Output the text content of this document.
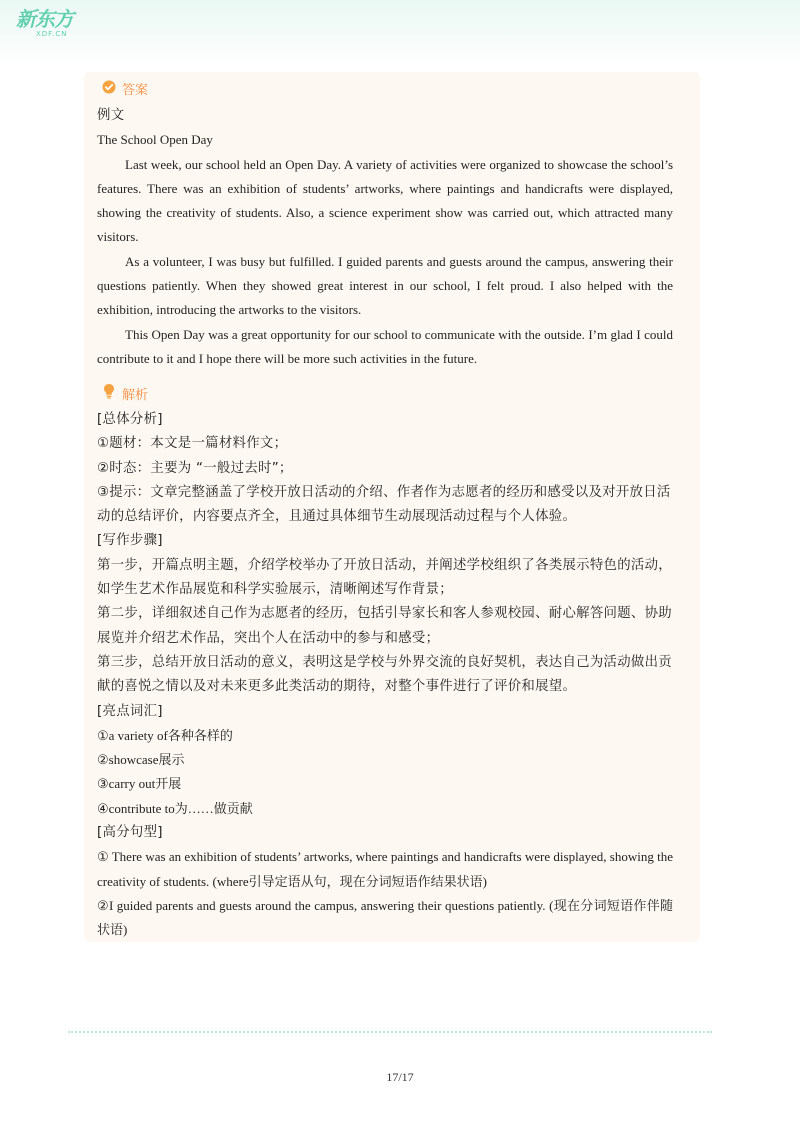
新东方
XDF.CN
答案

例文

The School Open Day

Last week, our school held an Open Day. A variety of activities were organized to showcase the school’s features. There was an exhibition of students’ artworks, where paintings and handicrafts were displayed, showing the creativity of students. Also, a science experiment show was carried out, which attracted many visitors.

As a volunteer, I was busy but fulfilled. I guided parents and guests around the campus, answering their questions patiently. When they showed great interest in our school, I felt proud. I also helped with the exhibition, introducing the artworks to the visitors.

This Open Day was a great opportunity for our school to communicate with the outside. I’m glad I could contribute to it and I hope there will be more such activities in the future.

解析

[总体分析]

①题材：本文是一篇材料作文；

②时态：主要为 “一般过去时”；

③提示：文章完整涵盖了学校开放日活动的介绍、作者作为志愿者的经历和感受以及对开放日活动的总结评价，内容要点齐全，且通过具体细节生动展现活动过程与个人体验。

[写作步骤]

第一步，开篇点明主题，介绍学校举办了开放日活动，并阐述学校组织了各类展示特色的活动，如学生艺术作品展览和科学实验展示，清晰阐述写作背景；

第二步，详细叙述自己作为志愿者的经历，包括引导家长和客人参观校园、耐心解答问题、协助展览并介绍艺术作品，突出个人在活动中的参与和感受；

第三步，总结开放日活动的意义，表明这是学校与外界交流的良好契机，表达自己为活动做出贡献的喜悦之情以及对未来更多此类活动的期待，对整个事件进行了评价和展望。

[亮点词汇]

①a variety of各种各样的

②showcase展示

③carry out开展

④contribute to为……做贡献

[高分句型]

① There was an exhibition of students’ artworks, where paintings and handicrafts were displayed, showing the creativity of students. (where引导定语从句，现在分词短语作结果状语)

②I guided parents and guests around the campus, answering their questions patiently. (现在分词短语作伴随状语)

17/17
